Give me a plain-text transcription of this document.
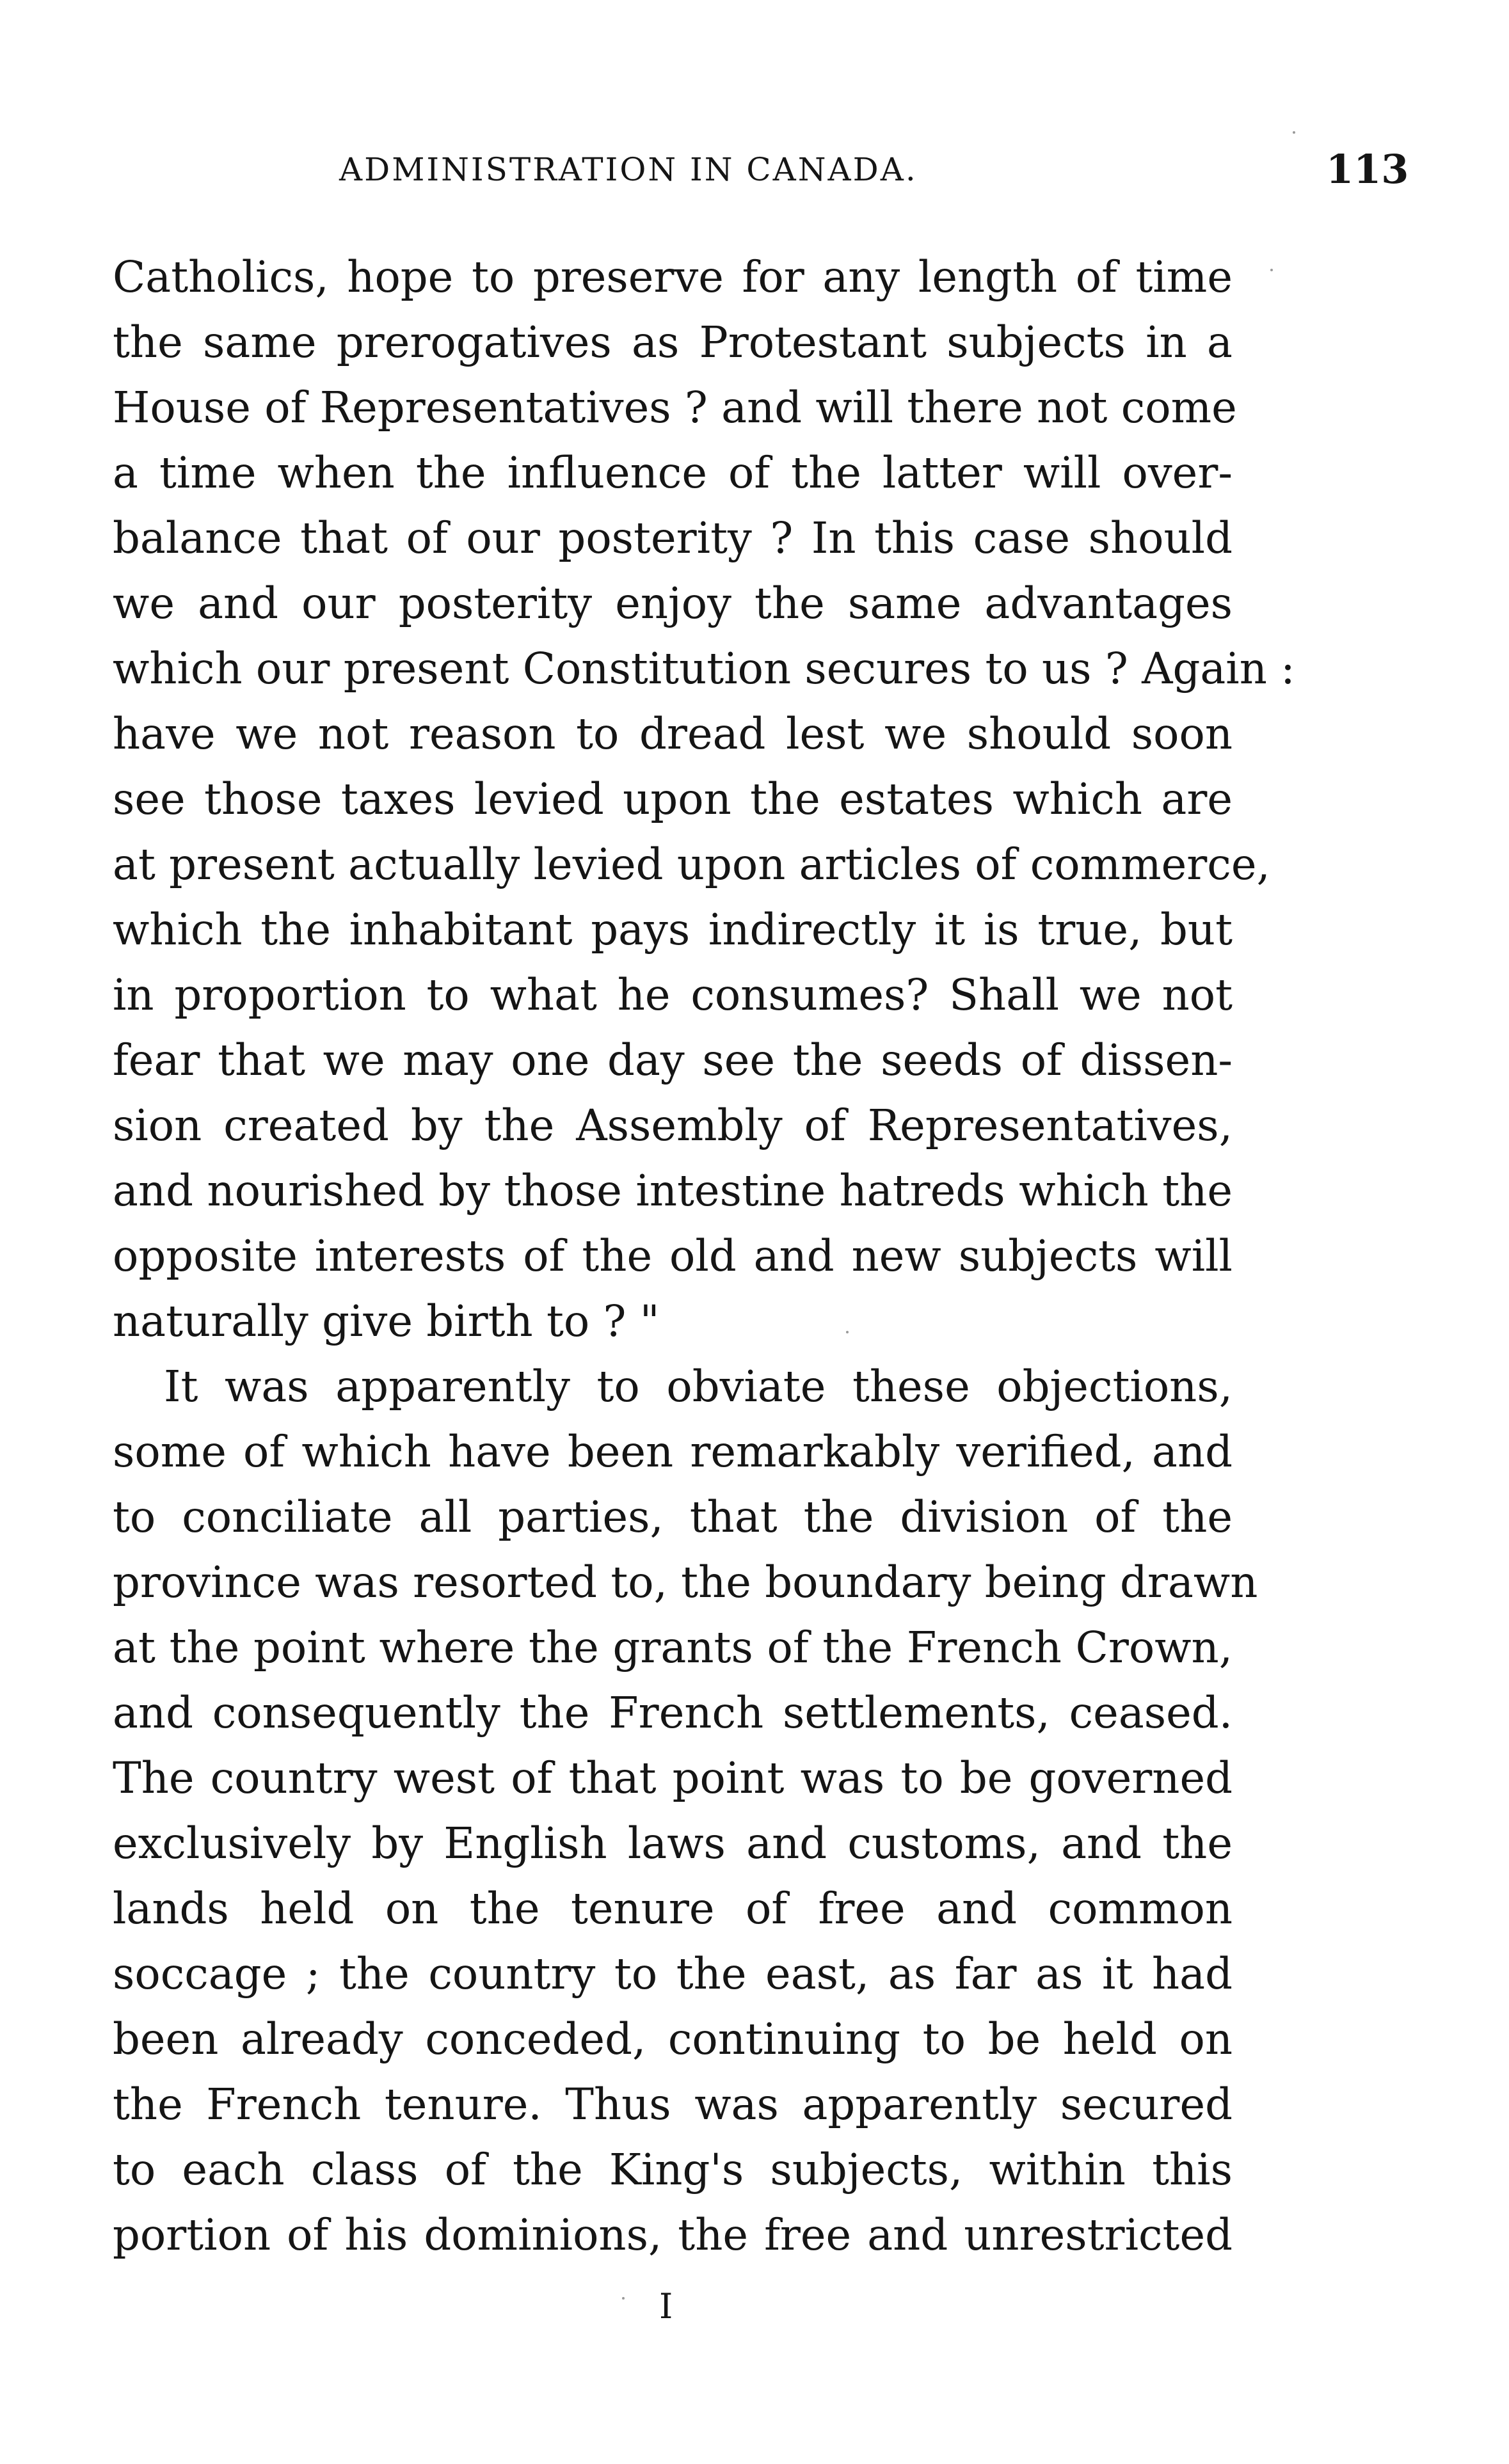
ADMINISTRATION IN CANADA.	113
Catholics, hope to preserve for any length of time
the same prerogatives as Protestant subjects in a
House of Representatives ? and will there not come
a time when the influence of the latter will over-
balance that of our posterity ? In this case should
we and our posterity enjoy the same advantages
which our present Constitution secures to us ? Again :
have we not reason to dread lest we should soon
see those taxes levied upon the estates which are
at present actually levied upon articles of commerce,
which the inhabitant pays indirectly it is true, but
in proportion to what he consumes? Shall we not
fear that we may one day see the seeds of dissen-
sion created by the Assembly of Representatives,
and nourished by those intestine hatreds which the
opposite interests of the old and new subjects will
naturally give birth to ? "
It was apparently to obviate these objections,
some of which have been remarkably verified, and
to conciliate all parties, that the division of the
province was resorted to, the boundary being drawn
at the point where the grants of the French Crown,
and consequently the French settlements, ceased.
The country west of that point was to be governed
exclusively by English laws and customs, and the
lands held on the tenure of free and common
soccage ; the country to the east, as far as it had
been already conceded, continuing to be held on
the French tenure. Thus was apparently secured
to each class of the King's subjects, within this
portion of his dominions, the free and unrestricted
I
